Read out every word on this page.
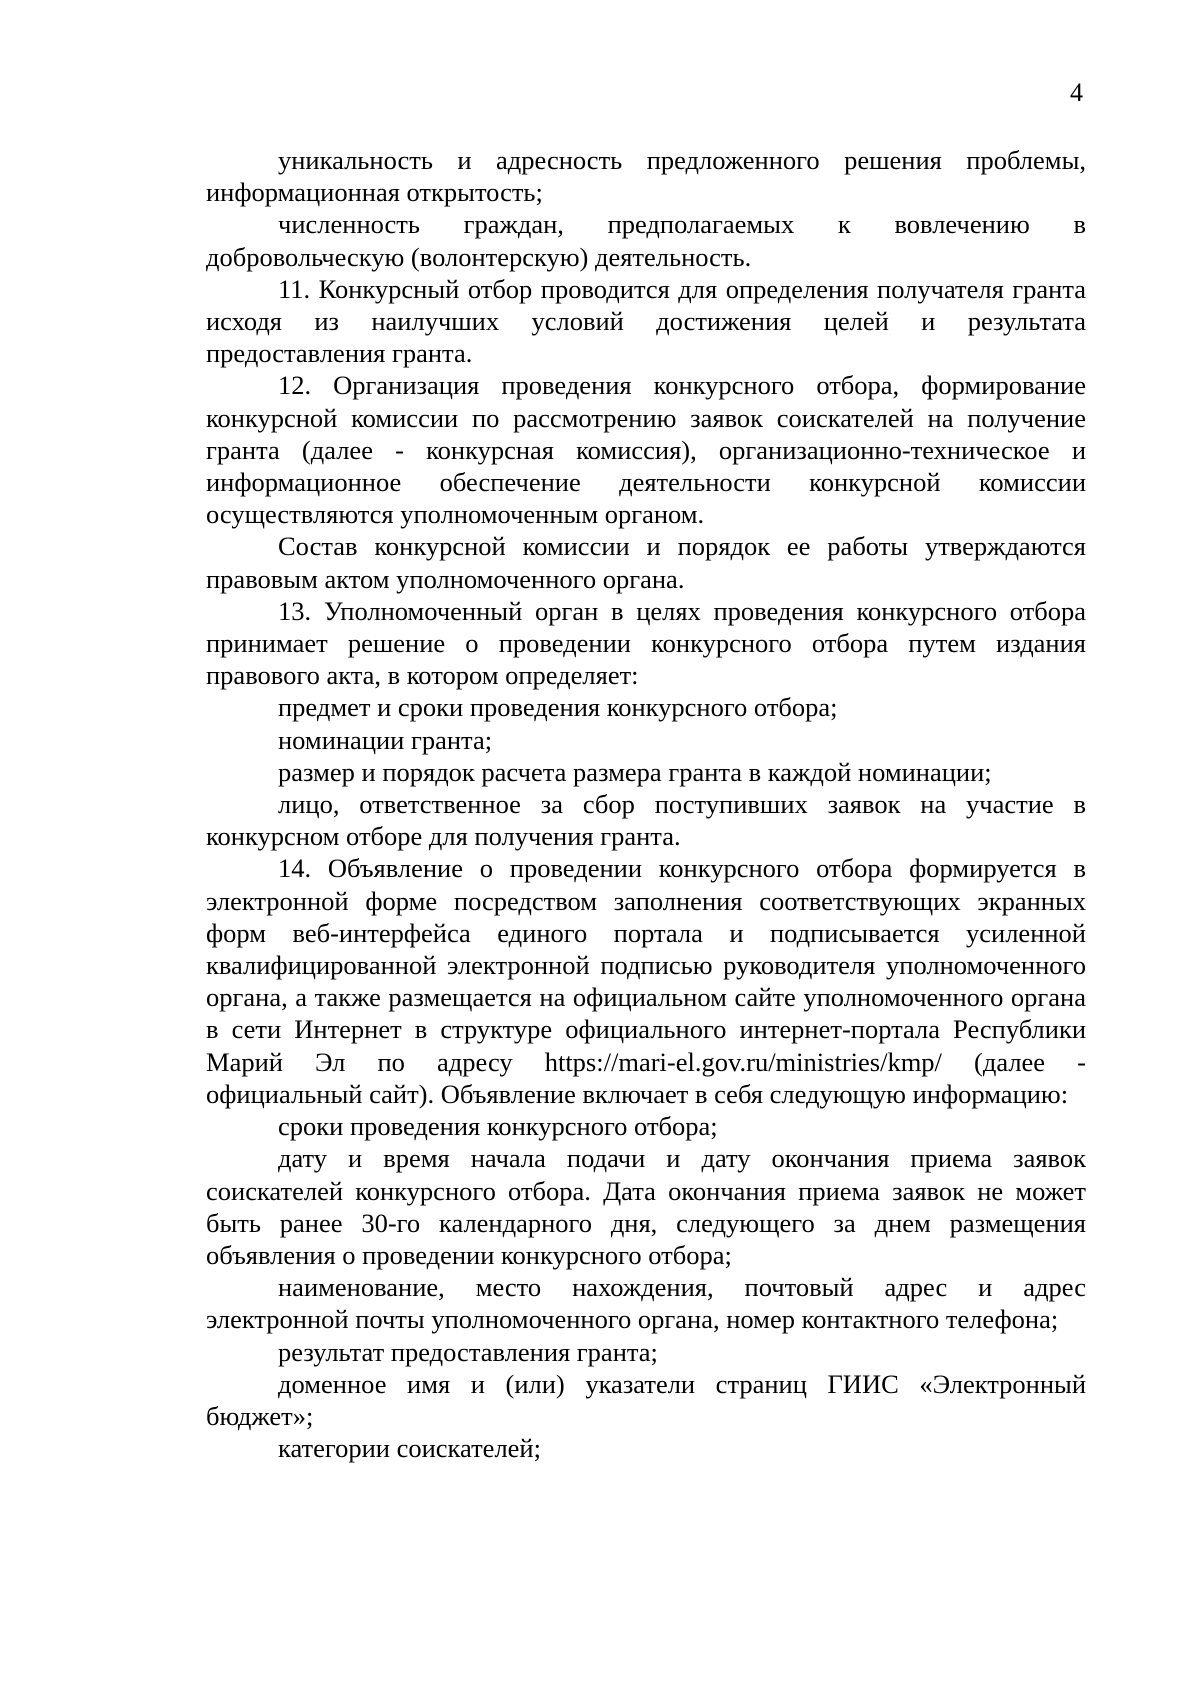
4

уникальность и адресность предложенного решения проблемы, информационная открытость;

численность граждан, предполагаемых к вовлечению в добровольческую (волонтерскую) деятельность.

11. Конкурсный отбор проводится для определения получателя гранта исходя из наилучших условий достижения целей и результата предоставления гранта.

12. Организация проведения конкурсного отбора, формирование конкурсной комиссии по рассмотрению заявок соискателей на получение гранта (далее - конкурсная комиссия), организационно-техническое и информационное обеспечение деятельности конкурсной комиссии осуществляются уполномоченным органом.

Состав конкурсной комиссии и порядок ее работы утверждаются правовым актом уполномоченного органа.

13. Уполномоченный орган в целях проведения конкурсного отбора принимает решение о проведении конкурсного отбора путем издания правового акта, в котором определяет:

предмет и сроки проведения конкурсного отбора;

номинации гранта;

размер и порядок расчета размера гранта в каждой номинации;

лицо, ответственное за сбор поступивших заявок на участие в конкурсном отборе для получения гранта.

14. Объявление о проведении конкурсного отбора формируется в электронной форме посредством заполнения соответствующих экранных форм веб-интерфейса единого портала и подписывается усиленной квалифицированной электронной подписью руководителя уполномоченного органа, а также размещается на официальном сайте уполномоченного органа в сети Интернет в структуре официального интернет-портала Республики Марий Эл по адресу https://mari-el.gov.ru/ministries/kmp/ (далее - официальный сайт). Объявление включает в себя следующую информацию:

сроки проведения конкурсного отбора;

дату и время начала подачи и дату окончания приема заявок соискателей конкурсного отбора. Дата окончания приема заявок не может быть ранее 30-го календарного дня, следующего за днем размещения объявления о проведении конкурсного отбора;

наименование, место нахождения, почтовый адрес и адрес электронной почты уполномоченного органа, номер контактного телефона;

результат предоставления гранта;

доменное имя и (или) указатели страниц ГИИС «Электронный бюджет»;

категории соискателей;
